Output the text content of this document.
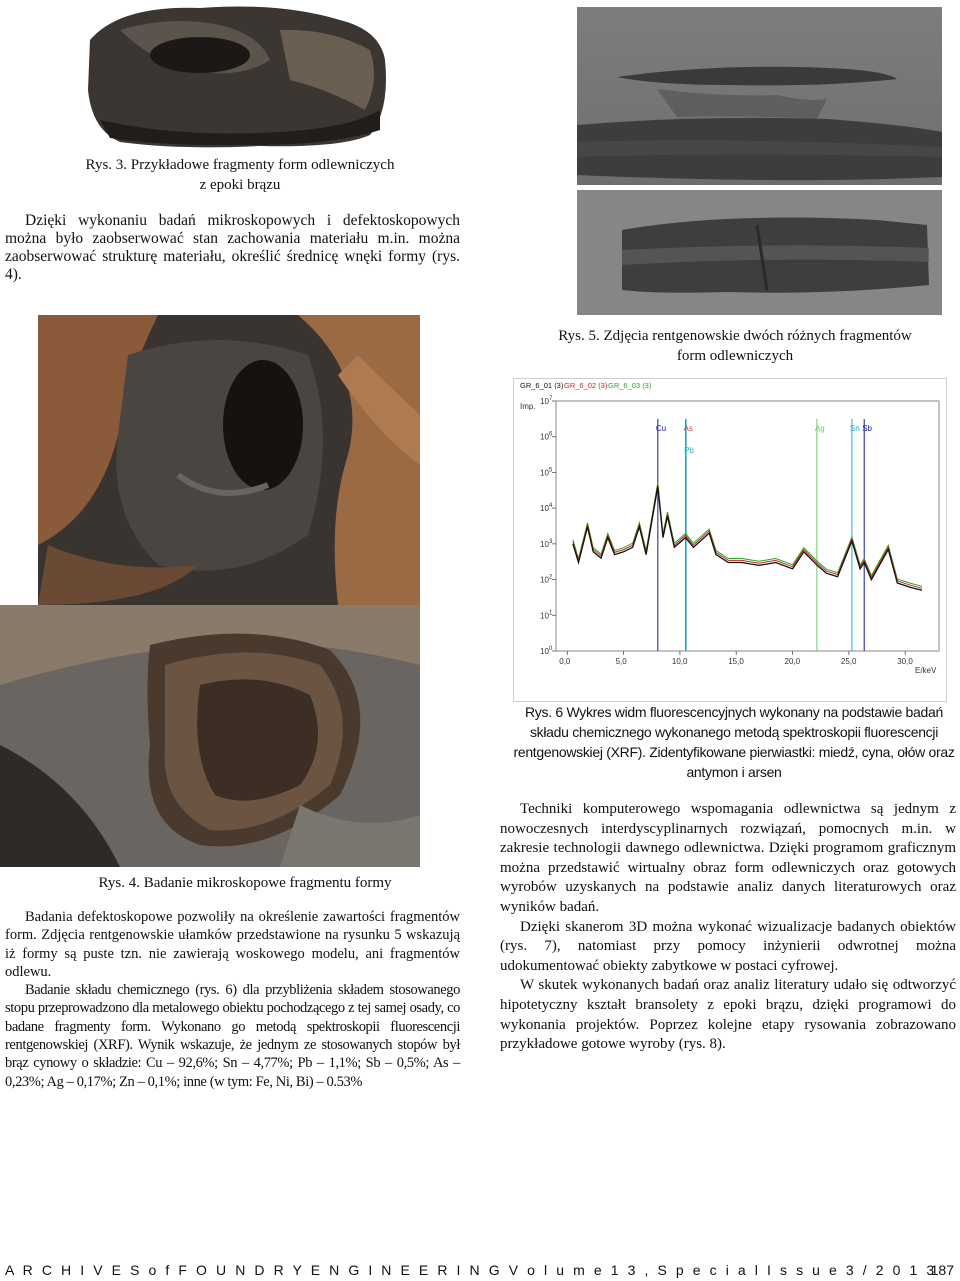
Rys. 3. Przykładowe fragmenty form odlewniczych
z epoki brązu

Dzięki wykonaniu badań mikroskopowych i defektoskopowych można było zaobserwować stan zachowania materiału m.in. można zaobserwować strukturę materiału, określić średnicę wnęki formy (rys. 4).

Rys. 5. Zdjęcia rentgenowskie dwóch różnych fragmentów
form odlewniczych
Rys. 4. Badanie mikroskopowe fragmentu formy
GR_6_01 (3) GR_6_02 (3) GR_6_03 (3)
Imp.
10 0
10 1
10 2
10 3
10 4
10 5
10 6
10 7
0,0	5,0	10,0	15,0	20,0	25,0	30,0
E/keV
Cu As
Pb
Ag	Sn Sb
Rys. 6 Wykres widm fluorescencyjnych wykonany na podstawie badań składu chemicznego wykonanego metodą spektroskopii fluorescencji rentgenowskiej (XRF). Zidentyfikowane pierwiastki: miedź, cyna, ołów oraz antymon i arsen

Badania defektoskopowe pozwoliły na określenie zawartości fragmentów form. Zdjęcia rentgenowskie ułamków przedstawione na rysunku 5 wskazują iż formy są puste tzn. nie zawierają woskowego modelu, ani fragmentów odlewu.

Badanie składu chemicznego (rys. 6) dla przybliżenia składem stosowanego stopu przeprowadzono dla metalowego obiektu pochodzącego z tej samej osady, co badane fragmenty form. Wykonano go metodą spektroskopii fluorescencji rentgenowskiej (XRF). Wynik wskazuje, że jednym ze stosowanych stopów był brąz cynowy o składzie: Cu – 92,6%; Sn – 4,77%; Pb – 1,1%; Sb – 0,5%; As – 0,23%; Ag – 0,17%; Zn – 0,1%; inne (w tym: Fe, Ni, Bi) – 0.53%

Techniki komputerowego wspomagania odlewnictwa są jednym z nowoczesnych interdyscyplinarnych rozwiązań, pomocnych m.in. w zakresie technologii dawnego odlewnictwa. Dzięki programom graficznym można przedstawić wirtualny obraz form odlewniczych oraz gotowych wyrobów uzyskanych na podstawie analiz danych literaturowych oraz wyników badań.

Dzięki skanerom 3D można wykonać wizualizacje badanych obiektów (rys. 7), natomiast przy pomocy inżynierii odwrotnej można udokumentować obiekty zabytkowe w postaci cyfrowej.

W skutek wykonanych badań oraz analiz literatury udało się odtworzyć hipotetyczny kształt bransolety z epoki brązu, dzięki programowi do wykonania projektów. Poprzez kolejne etapy rysowania zobrazowano przykładowe gotowe wyroby (rys. 8).

A R C H I V E S o f F O U N D R Y E N G I N E E R I N G V o l u m e 1 3 , S p e c i a l I s s u e 3 / 2 0 1 3
187
